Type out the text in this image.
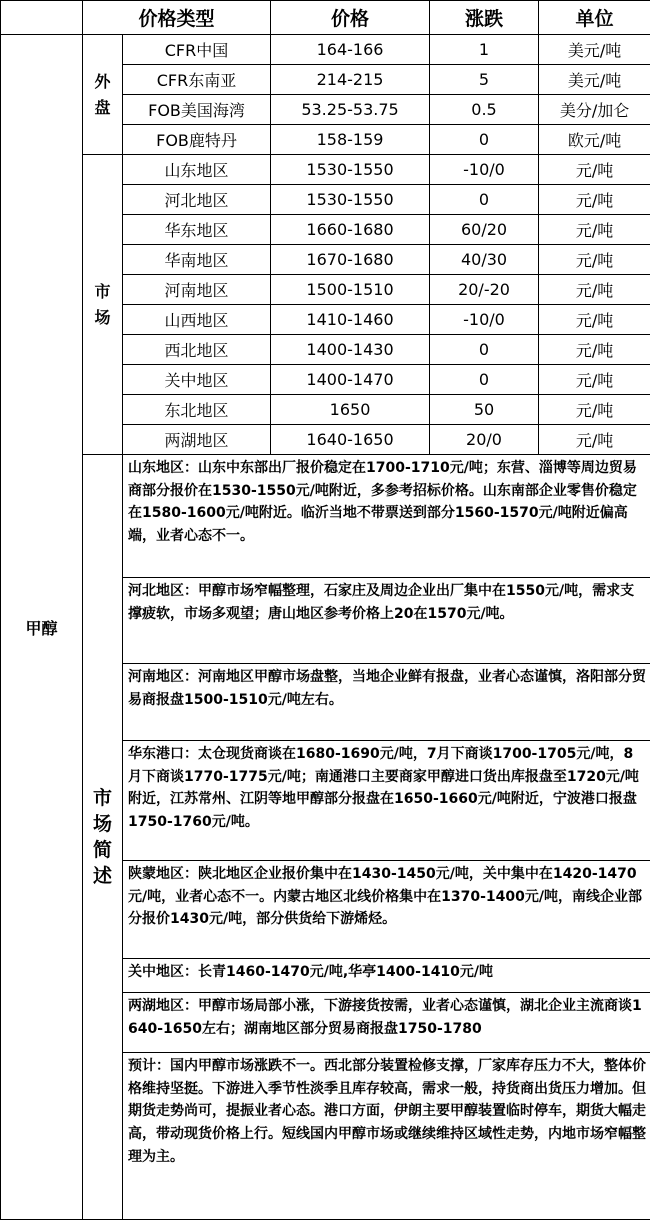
	价格类型		价格	涨跌	单位
甲醇	外盘	CFR中国	164-166	1	美元/吨
		CFR东南亚	214-215	5	美元/吨
		FOB美国海湾	53.25-53.75	0.5	美分/加仑
		FOB鹿特丹	158-159	0	欧元/吨

	市场	山东地区	1530-1550	-10/0	元/吨
		河北地区	1530-1550	0	元/吨
		华东地区	1660-1680	60/20	元/吨
		华南地区	1670-1680	40/30	元/吨
		河南地区	1500-1510	20/-20	元/吨
		山西地区	1410-1460	-10/0	元/吨
		西北地区	1400-1430	0	元/吨
		关中地区	1400-1470	0	元/吨
		东北地区	1650	50	元/吨
		两湖地区	1640-1650	20/0	元/吨

	市场简述	山东地区：山东中东部出厂报价稳定在1700-1710元/吨；东营、淄博等周边贸易商部分报价在1530-1550元/吨附近，多参考招标价格。山东南部企业零售价稳定在1580-1600元/吨附近。临沂当地不带票送到部分1560-1570元/吨附近偏高端，业者心态不一。			
		河北地区：甲醇市场窄幅整理，石家庄及周边企业出厂集中在1550元/吨，需求支撑疲软，市场多观望；唐山地区参考价格上20在1570元/吨。			
		河南地区：河南地区甲醇市场盘整，当地企业鲜有报盘，业者心态谨慎，洛阳部分贸易商报盘1500-1510元/吨左右。			
		华东港口：太仓现货商谈在1680-1690元/吨，7月下商谈1700-1705元/吨，8月下商谈1770-1775元/吨；南通港口主要商家甲醇进口货出库报盘至1720元/吨附近，江苏常州、江阴等地甲醇部分报盘在1650-1660元/吨附近，宁波港口报盘1750-1760元/吨。			
		陕蒙地区：陕北地区企业报价集中在1430-1450元/吨，关中集中在1420-1470元/吨，业者心态不一。内蒙古地区北线价格集中在1370-1400元/吨，南线企业部分报价1430元/吨，部分供货给下游烯烃。			
		关中地区：长青1460-1470元/吨,华亭1400-1410元/吨			
		两湖地区：甲醇市场局部小涨，下游接货按需，业者心态谨慎，湖北企业主流商谈1640-1650左右；湖南地区部分贸易商报盘1750-1780			
		预计：国内甲醇市场涨跌不一。西北部分装置检修支撑，厂家库存压力不大，整体价格维持坚挺。下游进入季节性淡季且库存较高，需求一般，持货商出货压力增加。但期货走势尚可，提振业者心态。港口方面，伊朗主要甲醇装置临时停车，期货大幅走高，带动现货价格上行。短线国内甲醇市场或继续维持区域性走势，内地市场窄幅整理为主。			
